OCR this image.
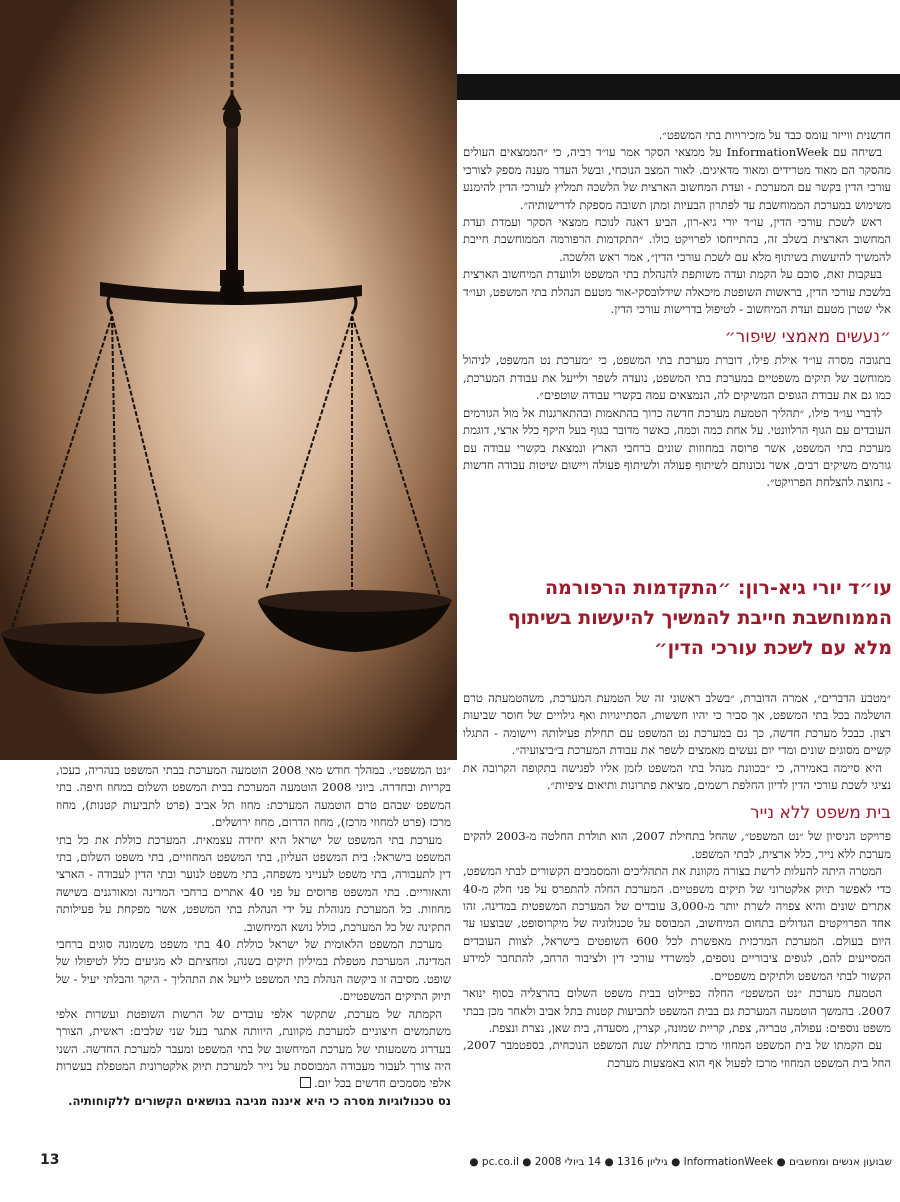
חדשנית ווייזר עומס כבד על מזכירויות בתי המשפט״.

בשיחה עם InformationWeek על ממצאי הסקר אמר עו״ד רביה, כי ״הממצאים העולים מהסקר הם מאוד מטרידים ומאוד מדאיגים. לאור המצב הנוכחי, ובשל העדר מענה מספק לצורכי עורכי הדין בקשר עם המערכת - ועדת המחשוב הארצית של הלשכה תמליץ לעורכי הדין להימנע משימוש במערכת הממוחשבת עד לפתרון הבעיות ומתן תשובה מספקת לדרישותיה״.

ראש לשכת עורכי הדין, עו״ד יורי גיא-רון, הביע דאגה לנוכח ממצאי הסקר ועמדת ועדת המחשוב הארצית בשלב זה, בהתייחסו לפרויקט כולו. ״התקדמות הרפורמה הממוחשבת חייבת להמשיך להיעשות בשיתוף מלא עם לשכת עורכי הדין״, אמר ראש הלשכה.

בעקבות זאת, סוכם על הקמת ועדה משותפת להנהלת בתי המשפט ולוועדת המיחשוב הארצית בלשכת עורכי הדין, בראשות השופטת מיכאלה שידלובסקי-אור מטעם הנהלת בתי המשפט, ועו״ד אלי שטרן מטעם ועדת המיחשוב - לטיפול בדרישות עורכי הדין.

״נעשים מאמצי שיפור״

בתגובה מסרה עו״ד אילת פילו, דוברת מערכת בתי המשפט, כי ״מערכת נט המשפט, לניהול ממוחשב של תיקים משפטיים במערכת בתי המשפט, נועדה לשפר ולייעל את עבודת המערכת, כמו גם את עבודת הגופים המשיקים לה, הנמצאים עמה בקשרי עבודה שוטפים״.

לדברי עו״ד פילו, ״תהליך הטמעת מערכת חדשה כרוך בהתאמות ובהתארגנות אל מול הגורמים העובדים עם הגוף הרלוונטי. על אחת כמה וכמה, כאשר מדובר בגוף בעל היקף כלל ארצי, דוגמת מערכת בתי המשפט, אשר פרוסה במחוזות שונים ברחבי הארץ ונמצאת בקשרי עבודה עם גורמים משיקים רבים, אשר נכונותם לשיתוף פעולה ולשיתוף פעולה ויישום שיטות עבודה חדשות - נחוצה להצלחת הפרויקט״.

עו״ד יורי גיא-רון: ״התקדמות הרפורמה
הממוחשבת חייבת להמשיך להיעשות בשיתוף
מלא עם לשכת עורכי הדין״

״מטבע הדברים״, אמרה הדוברת, ״בשלב ראשוני זה של הטמעת המערכת, משהטמעתה טרם הושלמה בכל בתי המשפט, אך סביר כי יהיו חששות, הסתייגויות ואף גילויים של חוסר שביעות רצון. כבכל מערכת חדשה, כך גם במערכת נט המשפט עם תחילת פעילותה ויישומה - התגלו קשיים מסוגים שונים ומדי יום נעשים מאמצים לשפר את עבודת המערכת ב״ביצועיה״.

היא סיימה באמירה, כי ״בכוונת מנהל בתי המשפט לזמן אליו לפגישה בתקופה הקרובה את נציגי לשכת עורכי הדין לדיון החלפת רשמים, מציאת פתרונות ותיאום ציפיות״.

בית משפט ללא נייר

פרויקט הניסיון של ״נט המשפט״, שהחל בתחילת 2007, הוא תולדת החלטה מ-2003 להקים מערכת ללא נייר, כלל ארצית, לבתי המשפט.

המטרה היתה להעלות לרשת בצורה מקוונת את התהליכים והמסמכים הקשורים לבתי המשפט, כדי לאפשר תיוק אלקטרוני של תיקים משפטיים. המערכת החלה להתפרס על פני חלק מ-40 אתרים שונים והיא צפויה לשרת יותר מ-3,000 עובדים של המערכת המשפטית במדינה. זהו אחד הפרויקטים הגדולים בתחום המיחשוב, המבוסס על טכנולוגיה של מיקרוסופט, שבוצעו עד היום בעולם. המערכת המרכזית מאפשרת לכל 600 השופטים בישראל, לצוות העובדים המסייעים להם, לגופים ציבוריים נוספים, למשרדי עורכי דין ולציבור הרחב, להתחבר למידע הקשור לבתי המשפט ולתיקים משפטיים.

הטמעת מערכת ״נט המשפט״ החלה כפיילוט בבית משפט השלום בהרצליה בסוף ינואר 2007. בהמשך הוטמעה המערכת גם בבית המשפט לתביעות קטנות בתל אביב ולאחר מכן בבתי משפט נוספים: עפולה, טבריה, צפת, קריית שמונה, קצרין, מסעדה, בית שאן, נצרת ונצפת.

עם הקמתו של בית המשפט המחוזי מרכז בתחילת שנת המשפט הנוכחית, בספטמבר 2007, החל בית המשפט המחוזי מרכז לפעול אף הוא באמצעות מערכת

״נט המשפט״. במהלך חודש מאי 2008 הוטמעה המערכת בבתי המשפט בנהריה, בעכו, בקריות ובחדרה. ביוני 2008 הוטמעה המערכת בבית המשפט השלום במחוז חיפה. בתי המשפט שבהם טרם הוטמעה המערכת: מחוז תל אביב (פרט לתביעות קטנות), מחוז מרכז (פרט למחוזי מרכז), מחוז הדרום, מחוז ירושלים.

מערכת בתי המשפט של ישראל היא יחידה עצמאית. המערכת כוללת את כל בתי המשפט בישראל: בית המשפט העליון, בתי המשפט המחוזיים, בתי משפט השלום, בתי דין לתעבורה, בתי משפט לענייני משפחה, בתי משפט לנוער ובתי הדין לעבודה - הארצי והאזוריים. בתי המשפט פרוסים על פני 40 אתרים ברחבי המדינה ומאורגנים בשישה מחוזות. כל המערכת מנוהלת על ידי הנהלת בתי המשפט, אשר מפקחת על פעילותה התקינה של כל המערכת, כולל נושא המיחשוב.

מערכת המשפט הלאומית של ישראל כוללת 40 בתי משפט משמונה סוגים ברחבי המדינה. המערכת מטפלת במיליון תיקים בשנה, ומחציתם לא מגיעים כלל לטיפולו של שופט. מסיבה זו ביקשה הנהלת בתי המשפט לייעל את התהליך - היקר והבלתי יעיל - של תיוק התיקים המשפטיים.

הקמתה של מערכת, שתקשר אלפי עובדים של הרשות השופטת ועשרות אלפי משתמשים חיצוניים למערכת מקוונת, היוותה אתגר בעל שני שלבים: ראשית, הצורך בעדרוג משמעותי של מערכת המיחשוב של בתי המשפט ומעבר למערכת החדשה. השני היה צורך לעבור מעבודה המבוססת על נייר למערכת תיוק אלקטרונית המטפלת בעשרות אלפי מסמכים חדשים בכל יום.

נס טכנולוגיות מסרה כי היא איננה מגיבה בנושאים הקשורים ללקוחותיה.

שבועון אנשים ומחשבים ● InformationWeek ● גיליון 1316 ● 14 ביולי 2008 ● pc.co.il ●
13
